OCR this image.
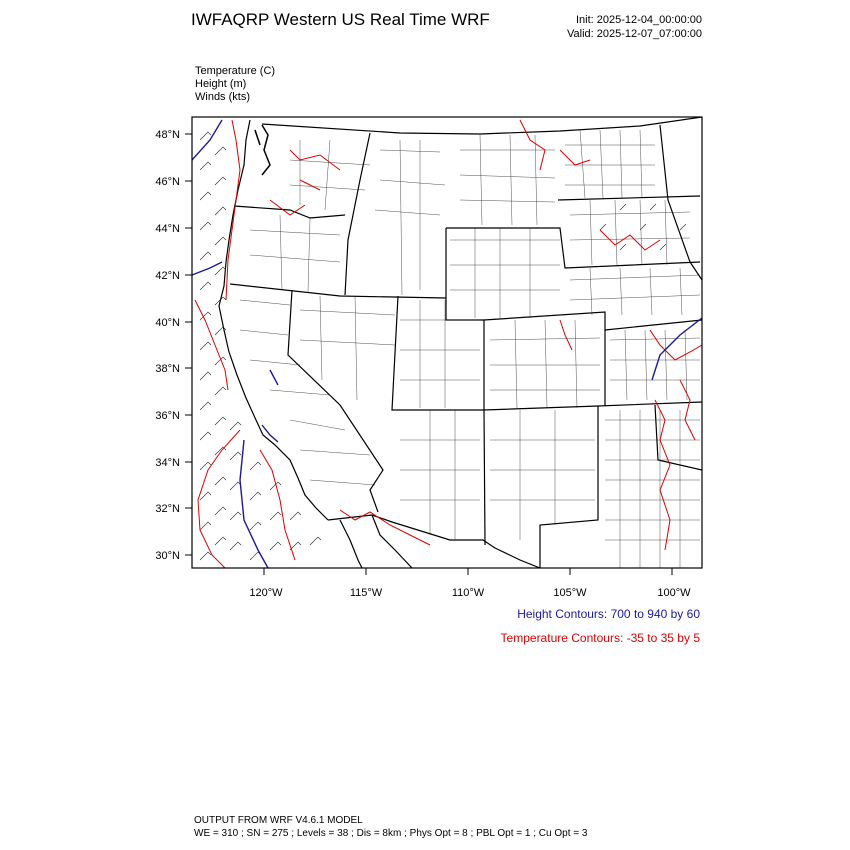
IWFAQRP Western US Real Time WRF	Init: 2025-12-04_00:00:00
Valid: 2025-12-07_07:00:00
Temperature (C)
Height (m)
Winds (kts)
48°N
46°N
44°N
42°N
40°N
38°N
36°N
34°N
32°N
30°N
120°W	115°W	110°W	105°W	100°W
Height Contours: 700 to 940 by 60
Temperature Contours: -35 to 35 by 5
OUTPUT FROM WRF V4.6.1 MODEL
WE = 310 ; SN = 275 ; Levels = 38 ; Dis = 8km ; Phys Opt = 8 ; PBL Opt = 1 ; Cu Opt = 3
